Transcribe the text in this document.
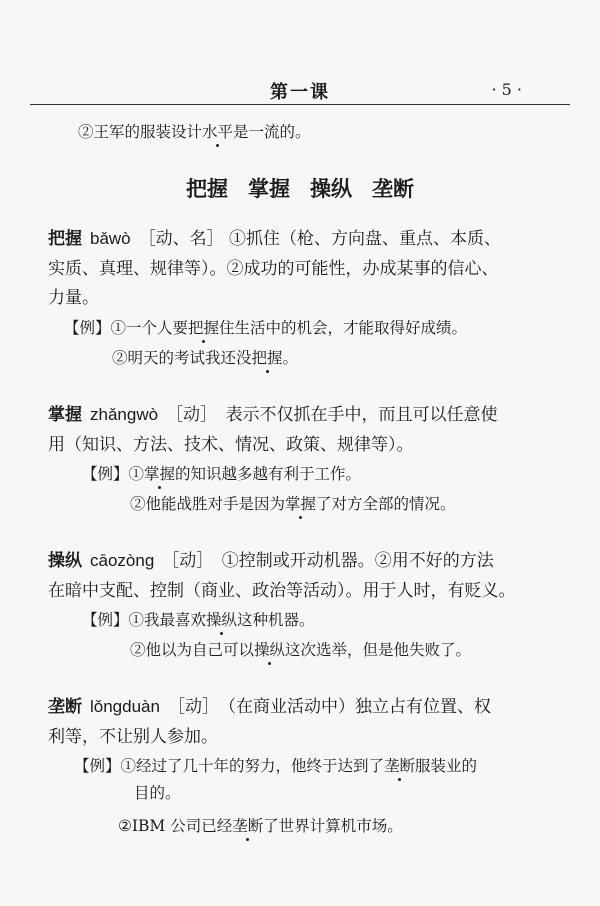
第一课	· 5 ·
②王军的服装设计水平是一流的。
把握 掌握 操纵 垄断
把握 bǎwò ［动、名］ ①抓住（枪、方向盘、重点、本质、
实质、真理、规律等）。②成功的可能性，办成某事的信心、
力量。
【例】①一个人要把握住生活中的机会，才能取得好成绩。
②明天的考试我还没把握。
掌握 zhǎngwò ［动］　 表示不仅抓在手中，而且可以任意使
用（知识、方法、技术、情况、政策、规律等）。
【例】①掌握的知识越多越有利于工作。
②他能战胜对手是因为掌握了对方全部的情况。
操纵 cāozòng ［动］　 ①控制或开动机器。②用不好的方法
在暗中支配、控制（商业、政治等活动）。用于人时，有贬义。
【例】①我最喜欢操纵这种机器。
②他以为自己可以操纵这次选举，但是他失败了。
垄断 lǒngduàn ［动］　 （在商业活动中）独立占有位置、权
利等，不让别人参加。
【例】①经过了几十年的努力，他终于达到了垄断服装业的
目的。
②IBM 公司已经垄断了世界计算机市场。
